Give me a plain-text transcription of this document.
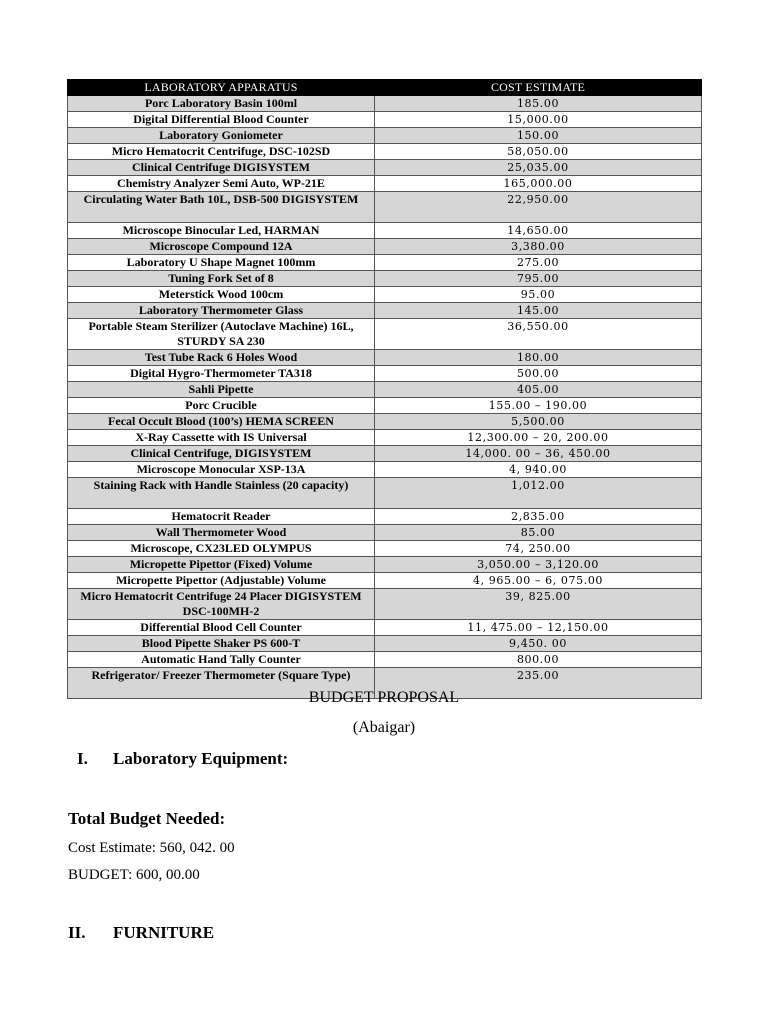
LABORATORY APPARATUS	COST ESTIMATE
Porc Laboratory Basin 100ml	185.00
Digital Differential Blood Counter	15,000.00
Laboratory Goniometer	150.00
Micro Hematocrit Centrifuge, DSC-102SD	58,050.00
Clinical Centrifuge DIGISYSTEM	25,035.00
Chemistry Analyzer Semi Auto, WP-21E	165,000.00
Circulating Water Bath 10L, DSB-500 DIGISYSTEM	22,950.00
Microscope Binocular Led, HARMAN	14,650.00
Microscope Compound 12A	3,380.00
Laboratory U Shape Magnet 100mm	275.00
Tuning Fork Set of 8	795.00
Meterstick Wood 100cm	95.00
Laboratory Thermometer Glass	145.00
Portable Steam Sterilizer (Autoclave Machine) 16L, STURDY SA 230	36,550.00
Test Tube Rack 6 Holes Wood	180.00
Digital Hygro-Thermometer TA318	500.00
Sahli Pipette	405.00
Porc Crucible	155.00 – 190.00
Fecal Occult Blood (100’s) HEMA SCREEN	5,500.00
X-Ray Cassette with IS Universal	12,300.00 – 20, 200.00
Clinical Centrifuge, DIGISYSTEM	14,000. 00 – 36, 450.00
Microscope Monocular XSP-13A	4, 940.00
Staining Rack with Handle Stainless (20 capacity)	1,012.00
Hematocrit Reader	2,835.00
Wall Thermometer Wood	85.00
Microscope, CX23LED OLYMPUS	74, 250.00
Micropette Pipettor (Fixed) Volume	3,050.00 – 3,120.00
Micropette Pipettor (Adjustable) Volume	4, 965.00 – 6, 075.00
Micro Hematocrit Centrifuge 24 Placer DIGISYSTEM DSC-100MH-2	39, 825.00
Differential Blood Cell Counter	11, 475.00 – 12,150.00
Blood Pipette Shaker PS 600-T	9,450. 00
Automatic Hand Tally Counter	800.00
Refrigerator/ Freezer Thermometer (Square Type)	235.00
BUDGET PROPOSAL
(Abaigar)
I. Laboratory Equipment:
Total Budget Needed:
Cost Estimate: 560, 042. 00
BUDGET: 600, 00.00
II. FURNITURE
